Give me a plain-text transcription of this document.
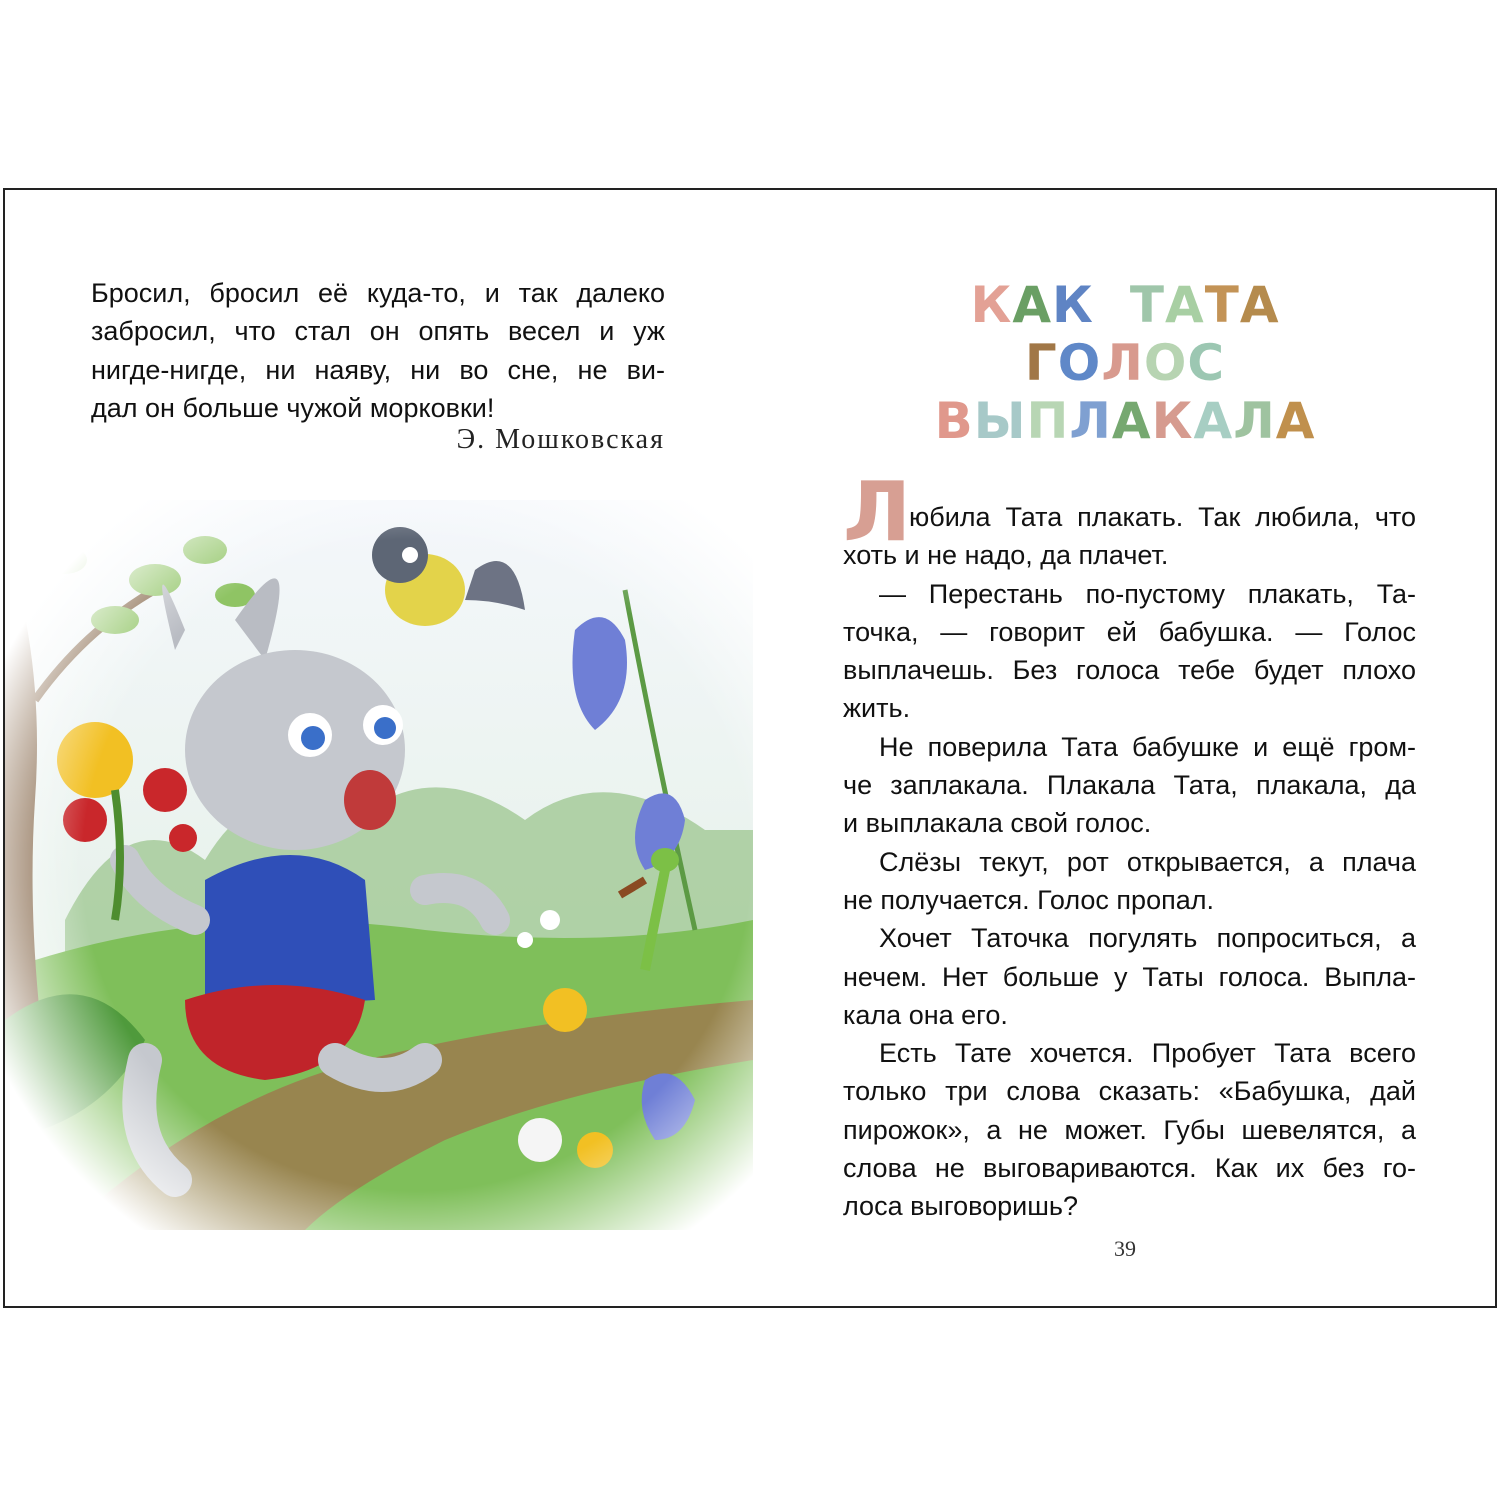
Бросил, бросил её куда-то, и так далеко
забросил, что стал он опять весел и уж
нигде-нигде, ни наяву, ни во сне, не ви-
дал он больше чужой морковки!

Э. Мошковская
КАК ТАТА
ГОЛОС
ВЫПЛАКАЛА
Л

юбила Тата плакать. Так любила, что
хоть и не надо, да плачет.
— Перестань по-пустому плакать, Та-
точка, — говорит ей бабушка. — Голос
выплачешь. Без голоса тебе будет плохо
жить.
Не поверила Тата бабушке и ещё гром-
че заплакала. Плакала Тата, плакала, да
и выплакала свой голос.
Слёзы текут, рот открывается, а плача
не получается. Голос пропал.
Хочет Таточка погулять попроситься, а
нечем. Нет больше у Таты голоса. Выпла-
кала она его.
Есть Тате хочется. Пробует Тата всего
только три слова сказать: «Бабушка, дай
пирожок», а не может. Губы шевелятся, а
слова не выговариваются. Как их без го-
лоса выговоришь?

39
